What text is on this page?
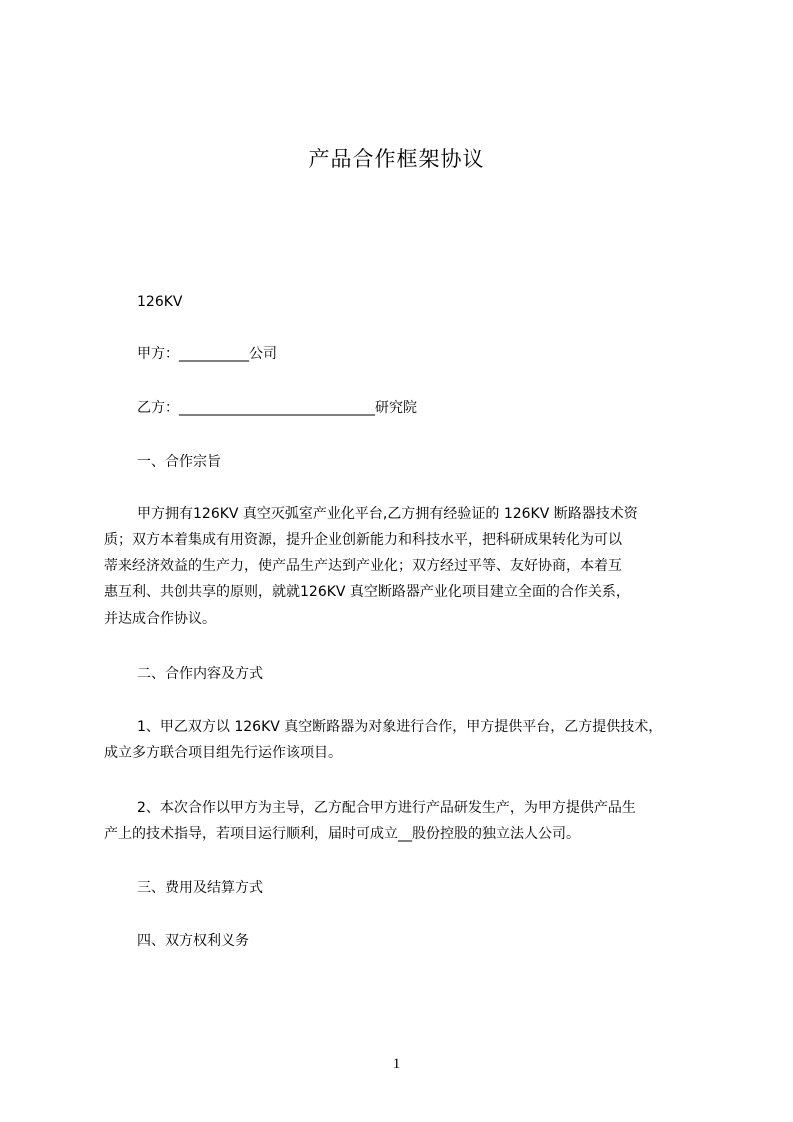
产品合作框架协议
126KV
甲方：__________公司
乙方：____________________________研究院
一、合作宗旨
甲方拥有126KV 真空灭弧室产业化平台,乙方拥有经验证的 126KV 断路器技术资
质；双方本着集成有用资源，提升企业创新能力和科技水平，把科研成果转化为可以
蒂来经济效益的生产力，使产品生产达到产业化；双方经过平等、友好协商，本着互
惠互利、共创共享的原则，就就126KV 真空断路器产业化项目建立全面的合作关系，
并达成合作协议。
二、合作内容及方式
1、甲乙双方以 126KV 真空断路器为对象进行合作，甲方提供平台，乙方提供技术，
成立多方联合项目组先行运作该项目。
2、本次合作以甲方为主导，乙方配合甲方进行产品研发生产，为甲方提供产品生
产上的技术指导，若项目运行顺利，届时可成立__股份控股的独立法人公司。
三、费用及结算方式
四、双方权利义务
1
